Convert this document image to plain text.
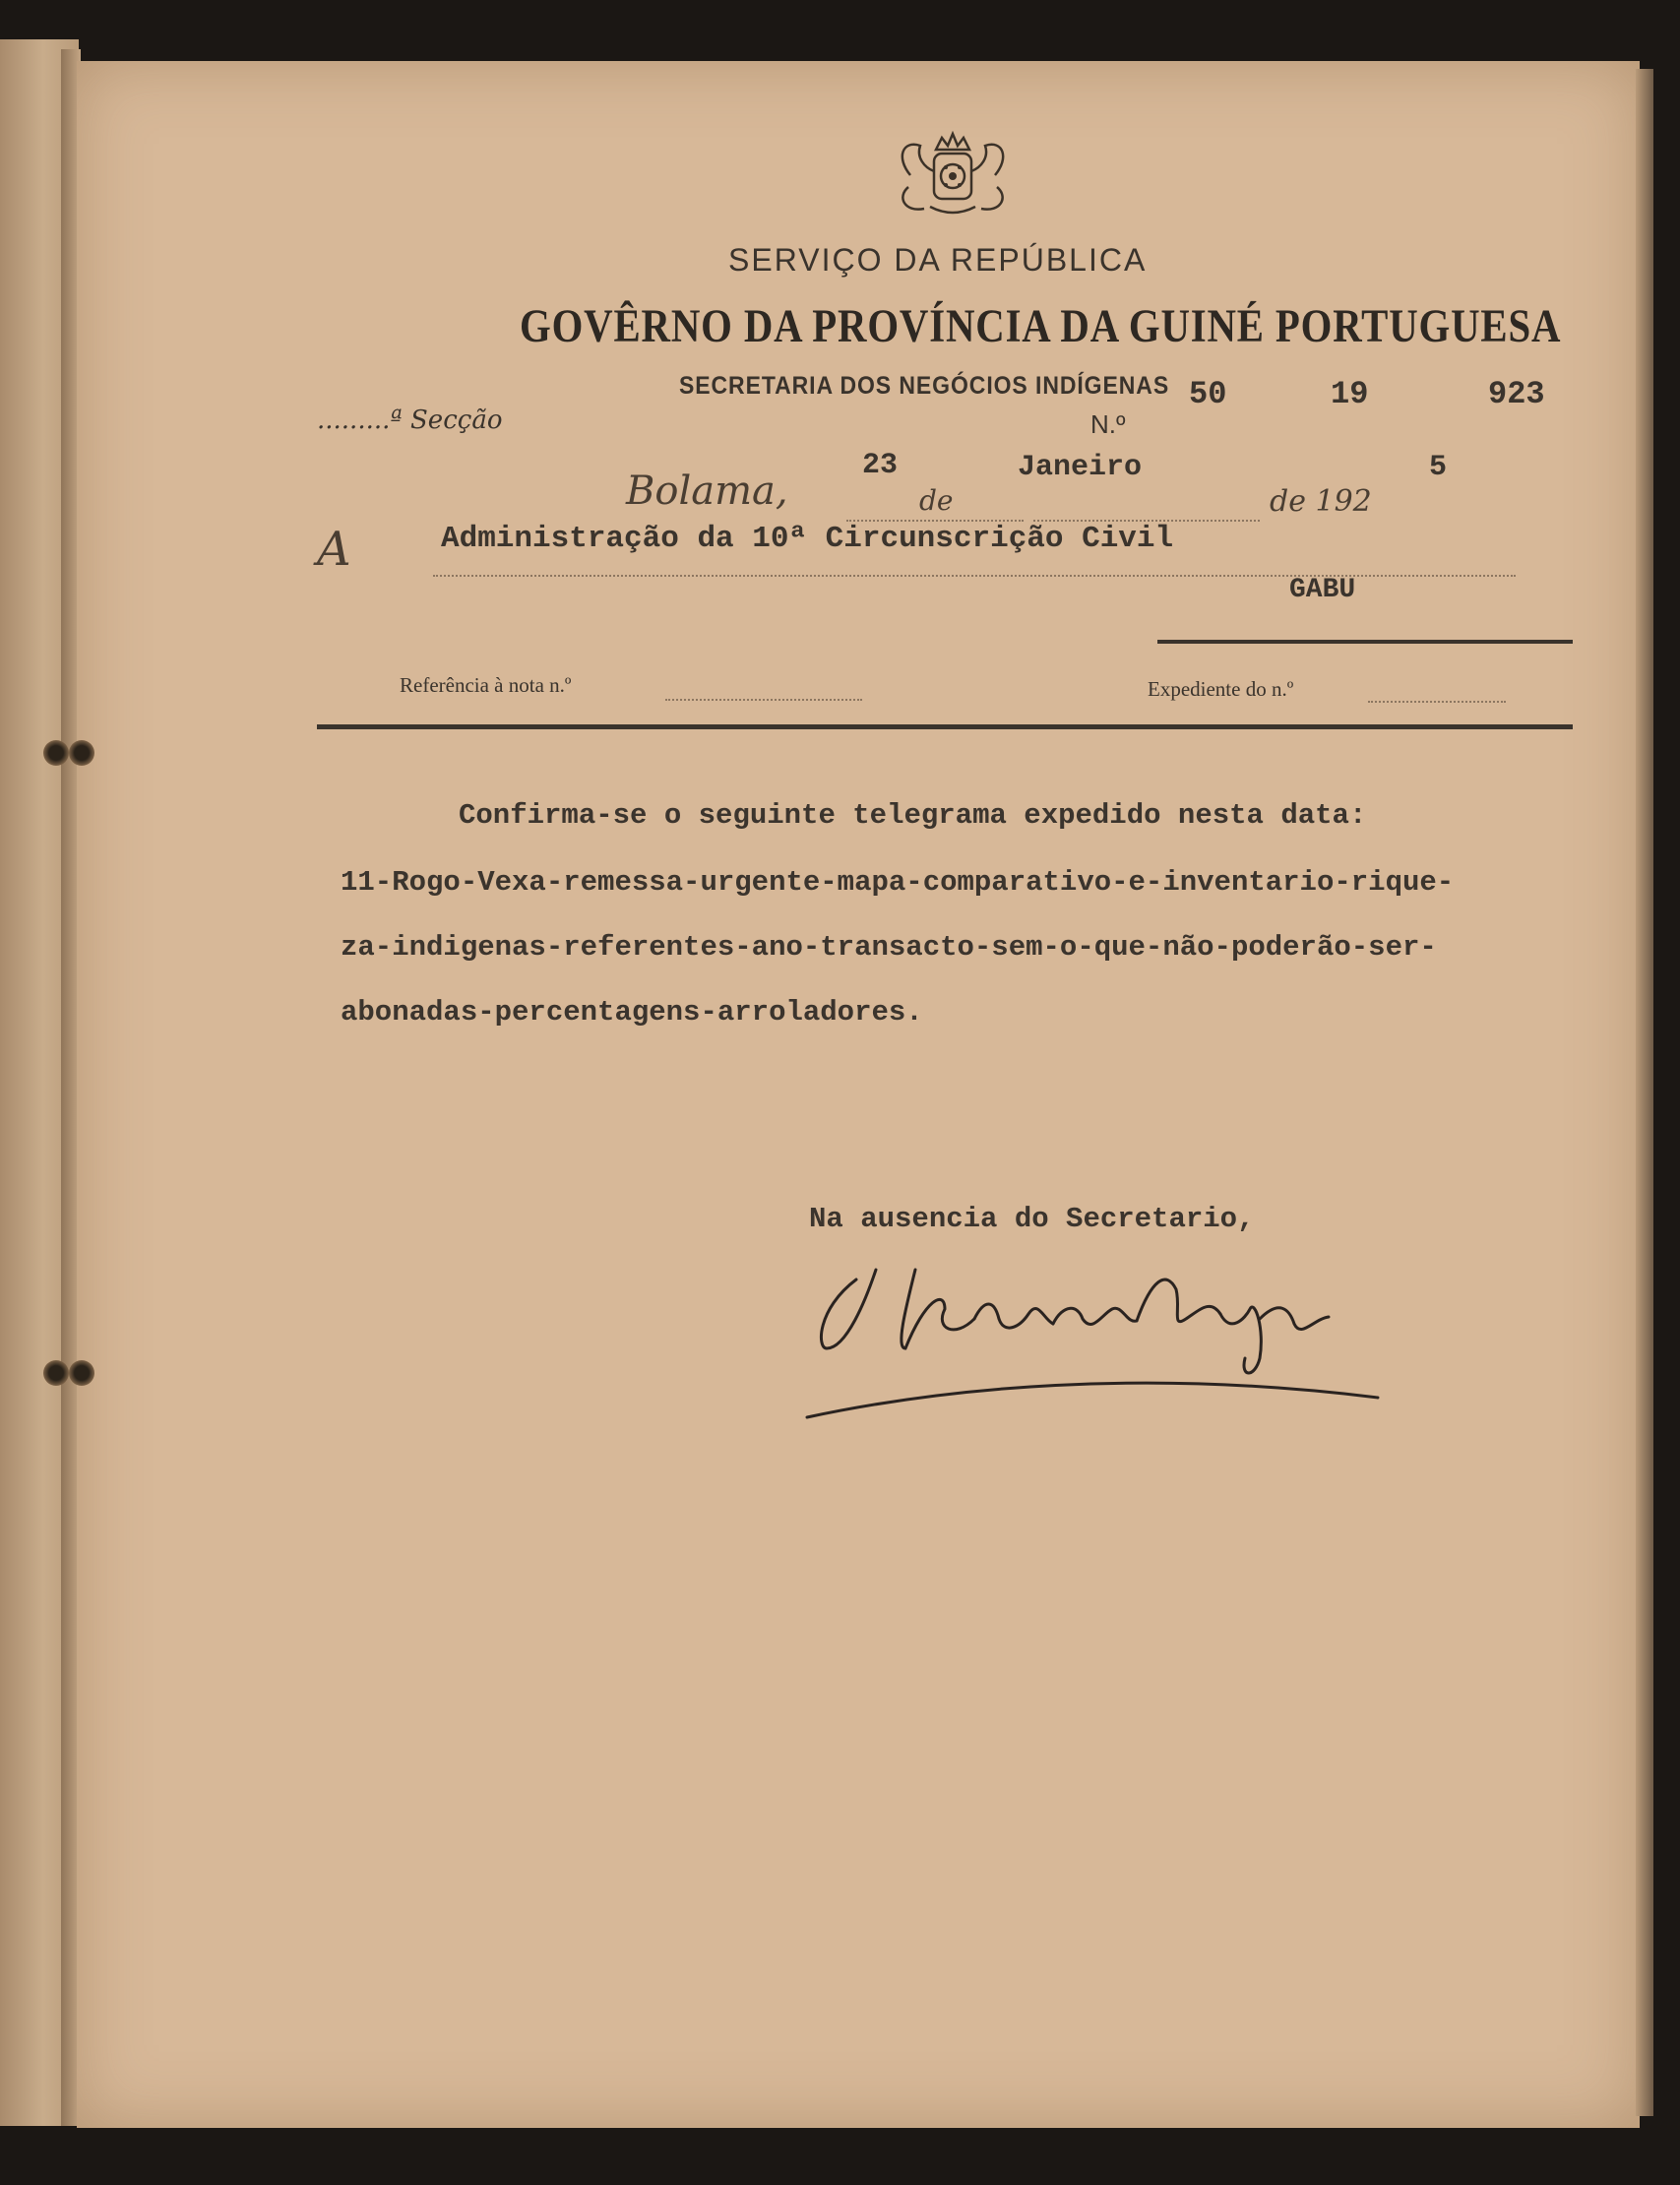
SERVIÇO DA REPÚBLICA
GOVÊRNO DA PROVÍNCIA DA GUINÉ PORTUGUESA
SECRETARIA DOS NEGÓCIOS INDÍGENAS
.........ª Secção	N.º
50	19	923
23	Janeiro	5
Bolama,	de	de 192
A	Administração da 10ª Circunscrição Civil
GABU
Referência à nota n.º	Expediente do n.º
Confirma-se o seguinte telegrama expedido nesta data:
11-Rogo-Vexa-remessa-urgente-mapa-comparativo-e-inventario-rique-
za-indigenas-referentes-ano-transacto-sem-o-que-não-poderão-ser-
abonadas-percentagens-arroladores.
Na ausencia do Secretario,
